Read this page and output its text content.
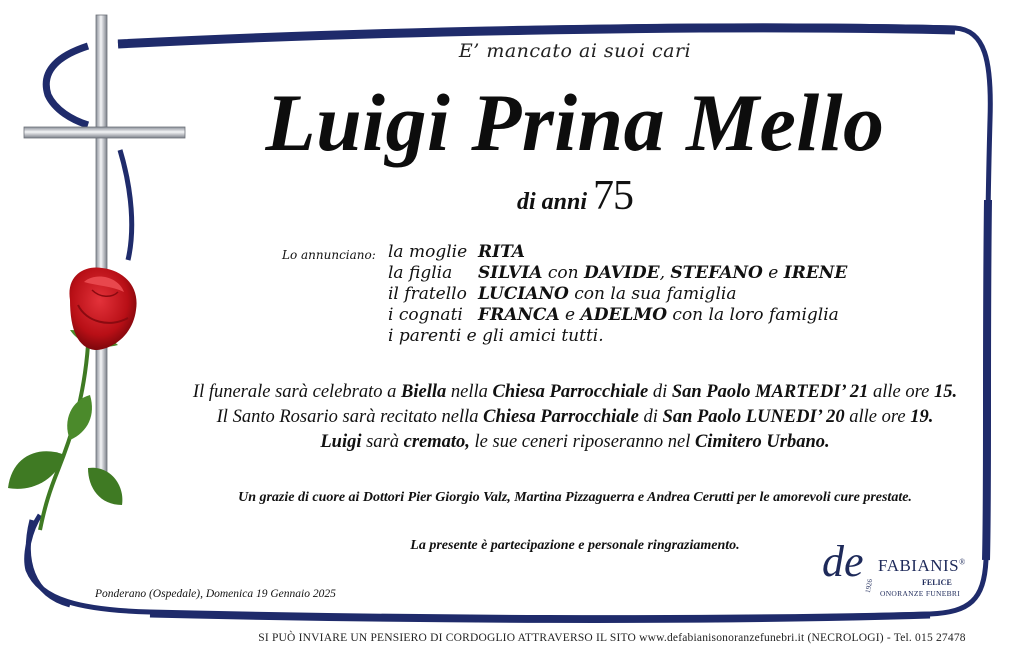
E’ mancato ai suoi cari
Luigi Prina Mello
di anni 75
Lo annunciano: la moglie RITA
la figlia SILVIA con DAVIDE, STEFANO e IRENE
il fratello LUCIANO con la sua famiglia
i cognati FRANCA e ADELMO con la loro famiglia
i parenti e gli amici tutti.
Il funerale sarà celebrato a Biella nella Chiesa Parrocchiale di San Paolo MARTEDI’ 21 alle ore 15.
Il Santo Rosario sarà recitato nella Chiesa Parrocchiale di San Paolo LUNEDI’ 20 alle ore 19.
Luigi sarà cremato, le sue ceneri riposeranno nel Cimitero Urbano.
Un grazie di cuore ai Dottori Pier Giorgio Valz, Martina Pizzaguerra e Andrea Cerutti per le amorevoli cure prestate.
La presente è partecipazione e personale ringraziamento.
Ponderano (Ospedale), Domenica 19 Gennaio 2025
de FABIANIS®
1926	FELICE
ONORANZE FUNEBRI
SI PUÒ INVIARE UN PENSIERO DI CORDOGLIO ATTRAVERSO IL SITO www.defabianisonoranzefunebri.it (NECROLOGI) - Tel. 015 27478
